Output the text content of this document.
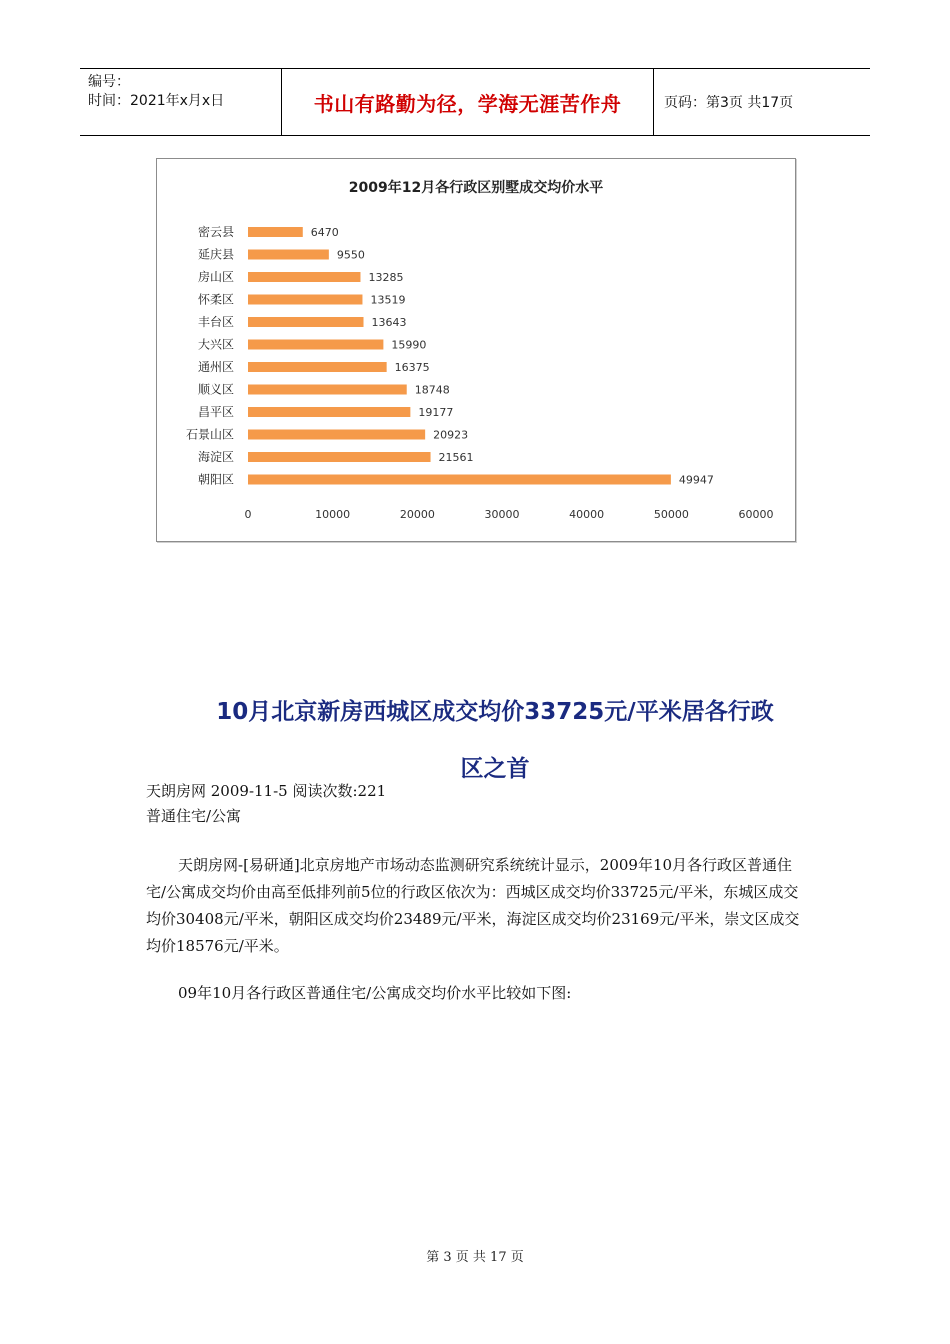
编号：
时间：2021年x月x日	书山有路勤为径，学海无涯苦作舟	页码：第3页 共17页
2009年12月各行政区别墅成交均价水平
密云县	6470
延庆县	9550
房山区	13285
怀柔区	13519
丰台区	13643
大兴区	15990
通州区	16375
顺义区	18748
昌平区	19177
石景山区	20923
海淀区	21561
朝阳区	49947
0	10000	20000	30000	40000	50000	60000
10月北京新房西城区成交均价33725元/平米居各行政
区之首
天朗房网 2009-11-5 阅读次数:221
普通住宅/公寓
天朗房网-[易研通]北京房地产市场动态监测研究系统统计显示，2009年10月各行政区普通住宅/公寓成交均价由高至低排列前5位的行政区依次为：西城区成交均价33725元/平米，东城区成交均价30408元/平米，朝阳区成交均价23489元/平米，海淀区成交均价23169元/平米，崇文区成交均价18576元/平米。
09年10月各行政区普通住宅/公寓成交均价水平比较如下图:
第 3 页 共 17 页
